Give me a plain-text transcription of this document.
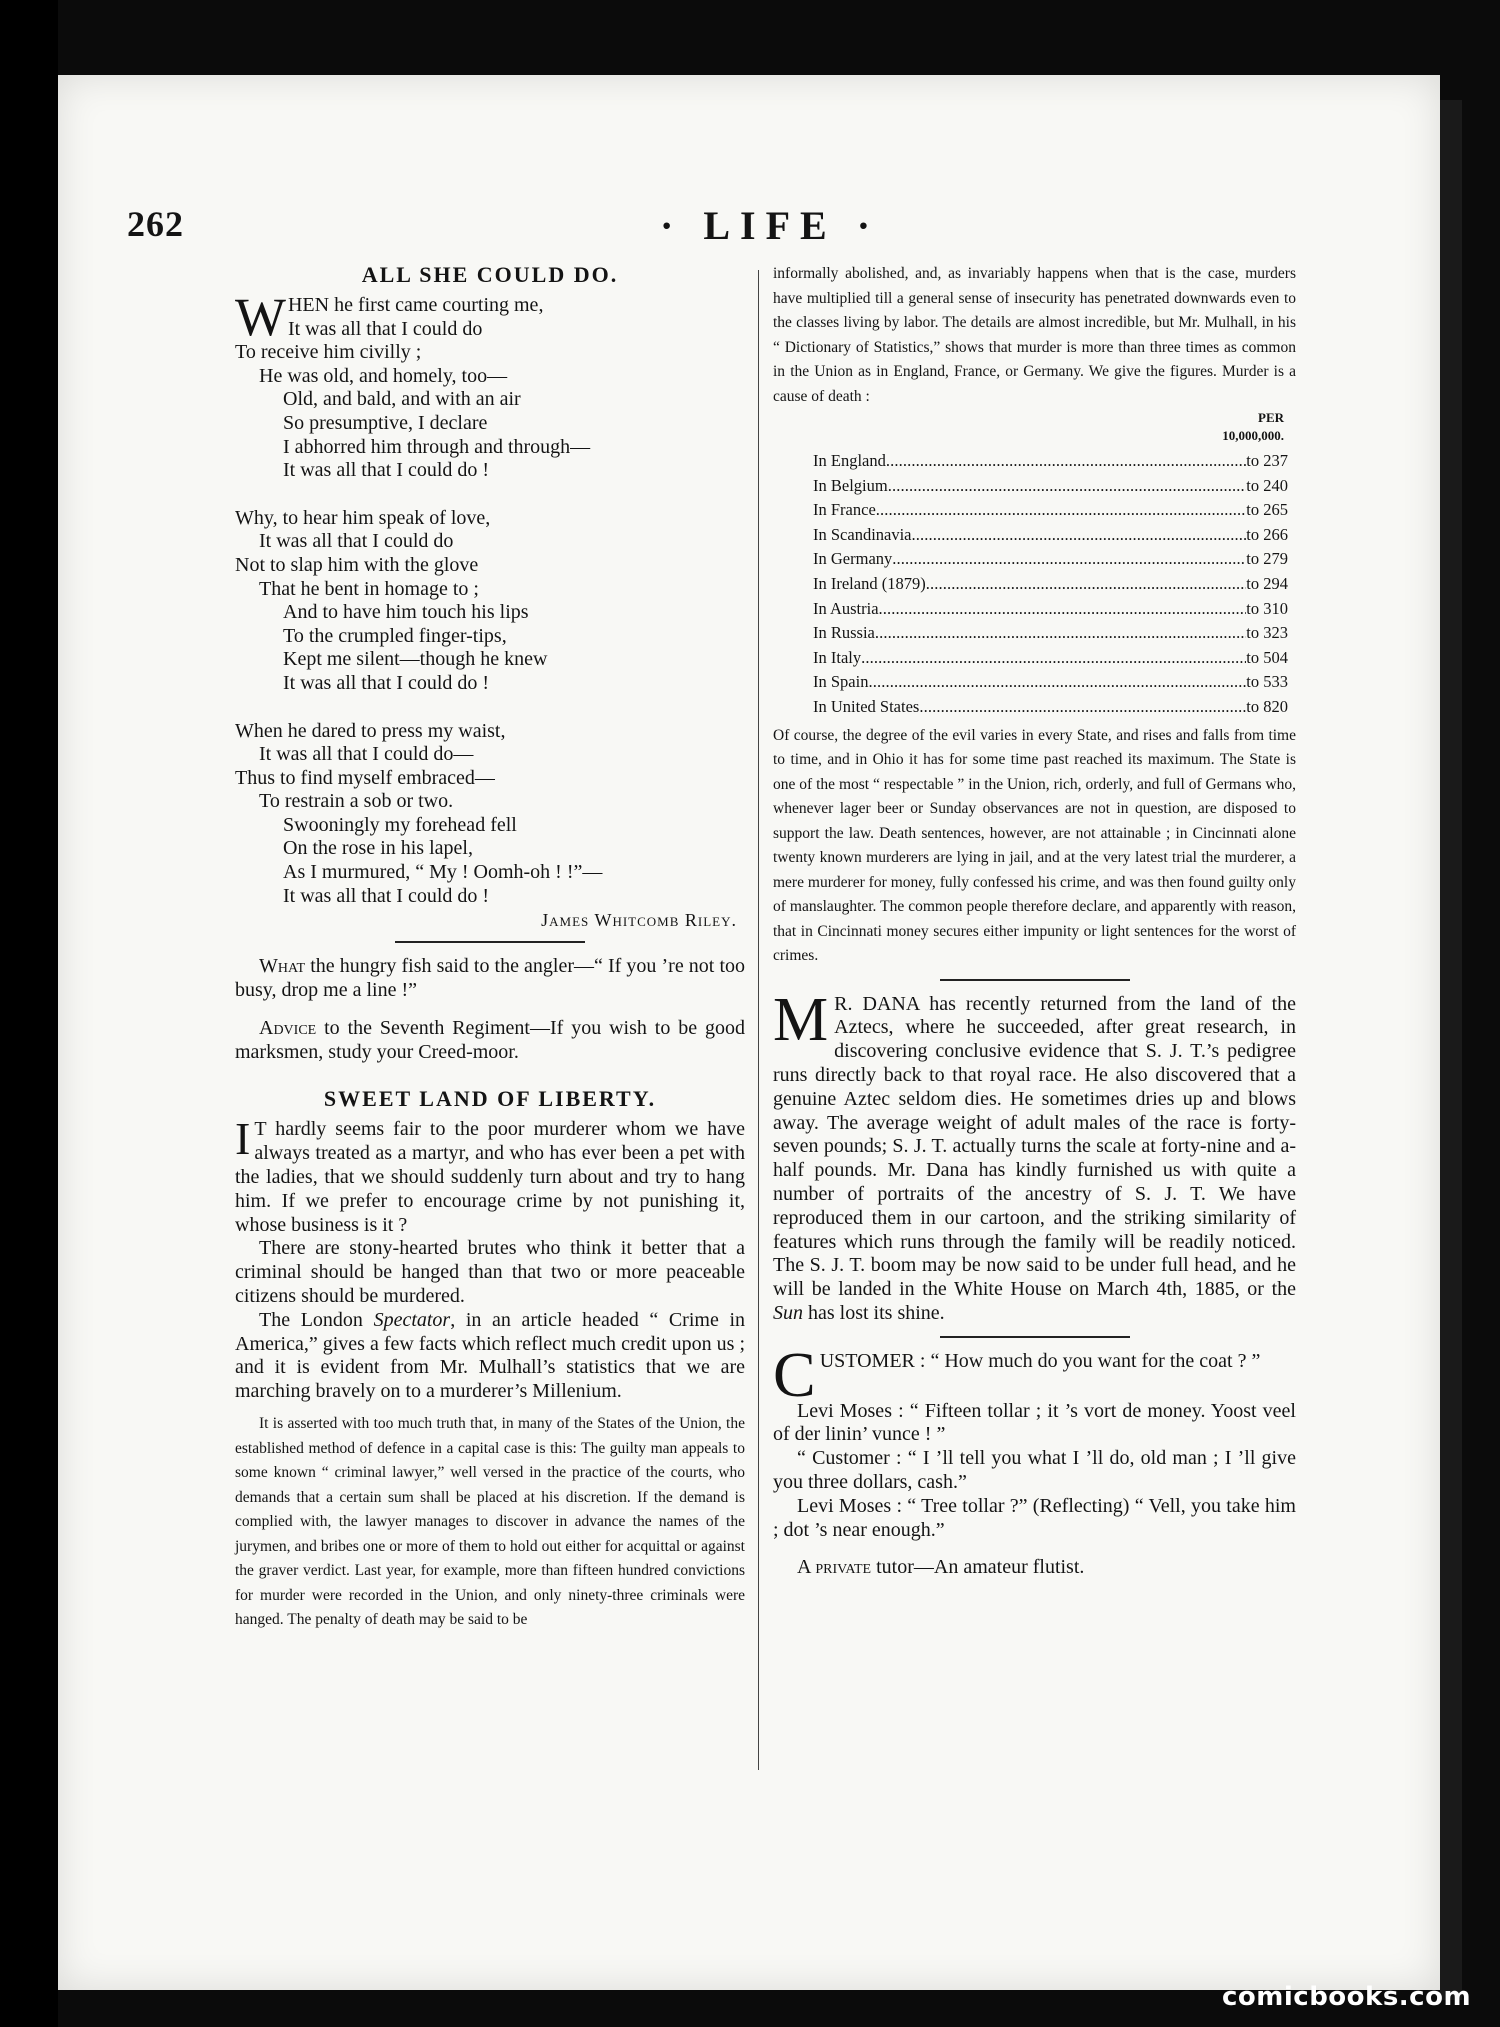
262	· LIFE ·
ALL SHE COULD DO.
W HEN he first came courting me,
It was all that I could do
To receive him civilly ;
He was old, and homely, too—
Old, and bald, and with an air
So presumptive, I declare
I abhorred him through and through—
It was all that I could do !
Why, to hear him speak of love,
It was all that I could do
Not to slap him with the glove
That he bent in homage to ;
And to have him touch his lips
To the crumpled finger-tips,
Kept me silent—though he knew
It was all that I could do !
When he dared to press my waist,
It was all that I could do—
Thus to find myself embraced—
To restrain a sob or two.
Swooningly my forehead fell
On the rose in his lapel,
As I murmured, “ My ! Oomh-oh ! !”—
It was all that I could do !
James Whitcomb Riley.

What the hungry fish said to the angler—“ If you ’re not too busy, drop me a line !”

Advice to the Seventh Regiment—If you wish to be good marksmen, study your Creed-moor.

SWEET LAND OF LIBERTY.

I T hardly seems fair to the poor murderer whom we have always treated as a martyr, and who has ever been a pet with the ladies, that we should suddenly turn about and try to hang him. If we prefer to encourage crime by not punishing it, whose business is it ?

There are stony-hearted brutes who think it better that a criminal should be hanged than that two or more peaceable citizens should be murdered.

The London Spectator, in an article headed “ Crime in America,” gives a few facts which reflect much credit upon us ; and it is evident from Mr. Mulhall’s statistics that we are marching bravely on to a murderer’s Millenium.

It is asserted with too much truth that, in many of the States of the Union, the established method of defence in a capital case is this: The guilty man appeals to some known “ criminal lawyer,” well versed in the practice of the courts, who demands that a certain sum shall be placed at his discretion. If the demand is complied with, the lawyer manages to discover in advance the names of the jurymen, and bribes one or more of them to hold out either for acquittal or against the graver verdict. Last year, for example, more than fifteen hundred convictions for murder were recorded in the Union, and only ninety-three criminals were hanged. The penalty of death may be said to be

informally abolished, and, as invariably happens when that is the case, murders have multiplied till a general sense of insecurity has penetrated downwards even to the classes living by labor. The details are almost incredible, but Mr. Mulhall, in his “ Dictionary of Statistics,” shows that murder is more than three times as common in the Union as in England, France, or Germany. We give the figures. Murder is a cause of death :

PER
10,000,000.
In England . . .	to 237
In Belgium . . .	to 240
In France . . .	to 265
In Scandinavia . . .	to 266
In Germany . . .	to 279
In Ireland (1879) . . .	to 294
In Austria . . .	to 310
In Russia . . .	to 323
In Italy . . .	to 504
In Spain . . .	to 533
In United States . . .	to 820

Of course, the degree of the evil varies in every State, and rises and falls from time to time, and in Ohio it has for some time past reached its maximum. The State is one of the most “ respectable ” in the Union, rich, orderly, and full of Germans who, whenever lager beer or Sunday observances are not in question, are disposed to support the law. Death sentences, however, are not attainable ; in Cincinnati alone twenty known murderers are lying in jail, and at the very latest trial the murderer, a mere murderer for money, fully confessed his crime, and was then found guilty only of manslaughter. The common people therefore declare, and apparently with reason, that in Cincinnati money secures either impunity or light sentences for the worst of crimes.

M R. DANA has recently returned from the land of the Aztecs, where he succeeded, after great research, in discovering conclusive evidence that S. J. T.’s pedigree runs directly back to that royal race. He also discovered that a genuine Aztec seldom dies. He sometimes dries up and blows away. The average weight of adult males of the race is forty-seven pounds; S. J. T. actually turns the scale at forty-nine and a-half pounds. Mr. Dana has kindly furnished us with quite a number of portraits of the ancestry of S. J. T. We have reproduced them in our cartoon, and the striking similarity of features which runs through the family will be readily noticed. The S. J. T. boom may be now said to be under full head, and he will be landed in the White House on March 4th, 1885, or the Sun has lost its shine.

CUSTOMER : “ How much do you want for the coat ? ”

Levi Moses : “ Fifteen tollar ; it ’s vort de money. Yoost veel of der linin’ vunce ! ”

“ Customer : “ I ’ll tell you what I ’ll do, old man ; I ’ll give you three dollars, cash.”

Levi Moses : “ Tree tollar ?” (Reflecting) “ Vell, you take him ; dot ’s near enough.”

A private tutor—An amateur flutist.

comicbooks.com
